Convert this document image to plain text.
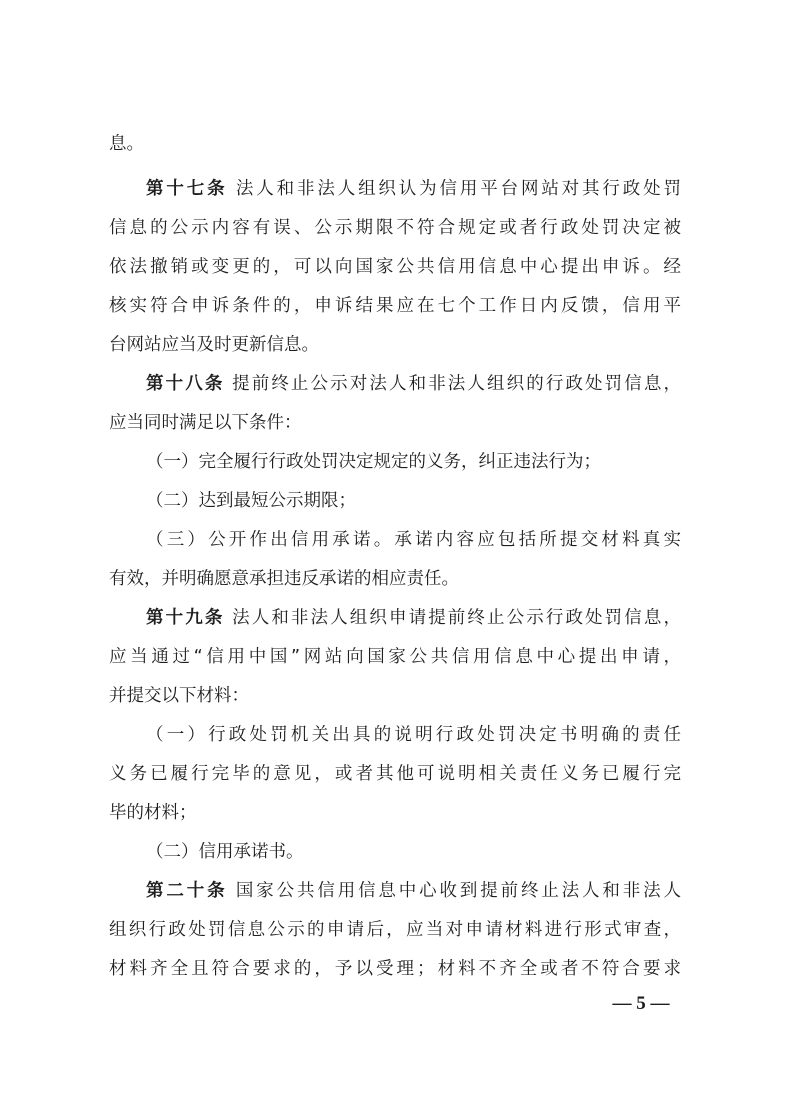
息。
第十七条 法人和非法人组织认为信用平台网站对其行政处罚
信息的公示内容有误、公示期限不符合规定或者行政处罚决定被
依法撤销或变更的，可以向国家公共信用信息中心提出申诉。经
核实符合申诉条件的，申诉结果应在七个工作日内反馈，信用平
台网站应当及时更新信息。
第十八条 提前终止公示对法人和非法人组织的行政处罚信息，
应当同时满足以下条件：
（一）完全履行行政处罚决定规定的义务，纠正违法行为；
（二）达到最短公示期限；
（三）公开作出信用承诺。承诺内容应包括所提交材料真实
有效，并明确愿意承担违反承诺的相应责任。
第十九条 法人和非法人组织申请提前终止公示行政处罚信息，
应当通过“信用中国”网站向国家公共信用信息中心提出申请，
并提交以下材料：
（一）行政处罚机关出具的说明行政处罚决定书明确的责任
义务已履行完毕的意见，或者其他可说明相关责任义务已履行完
毕的材料；
（二）信用承诺书。
第二十条 国家公共信用信息中心收到提前终止法人和非法人
组织行政处罚信息公示的申请后，应当对申请材料进行形式审查，
材料齐全且符合要求的，予以受理；材料不齐全或者不符合要求
— 5 —
